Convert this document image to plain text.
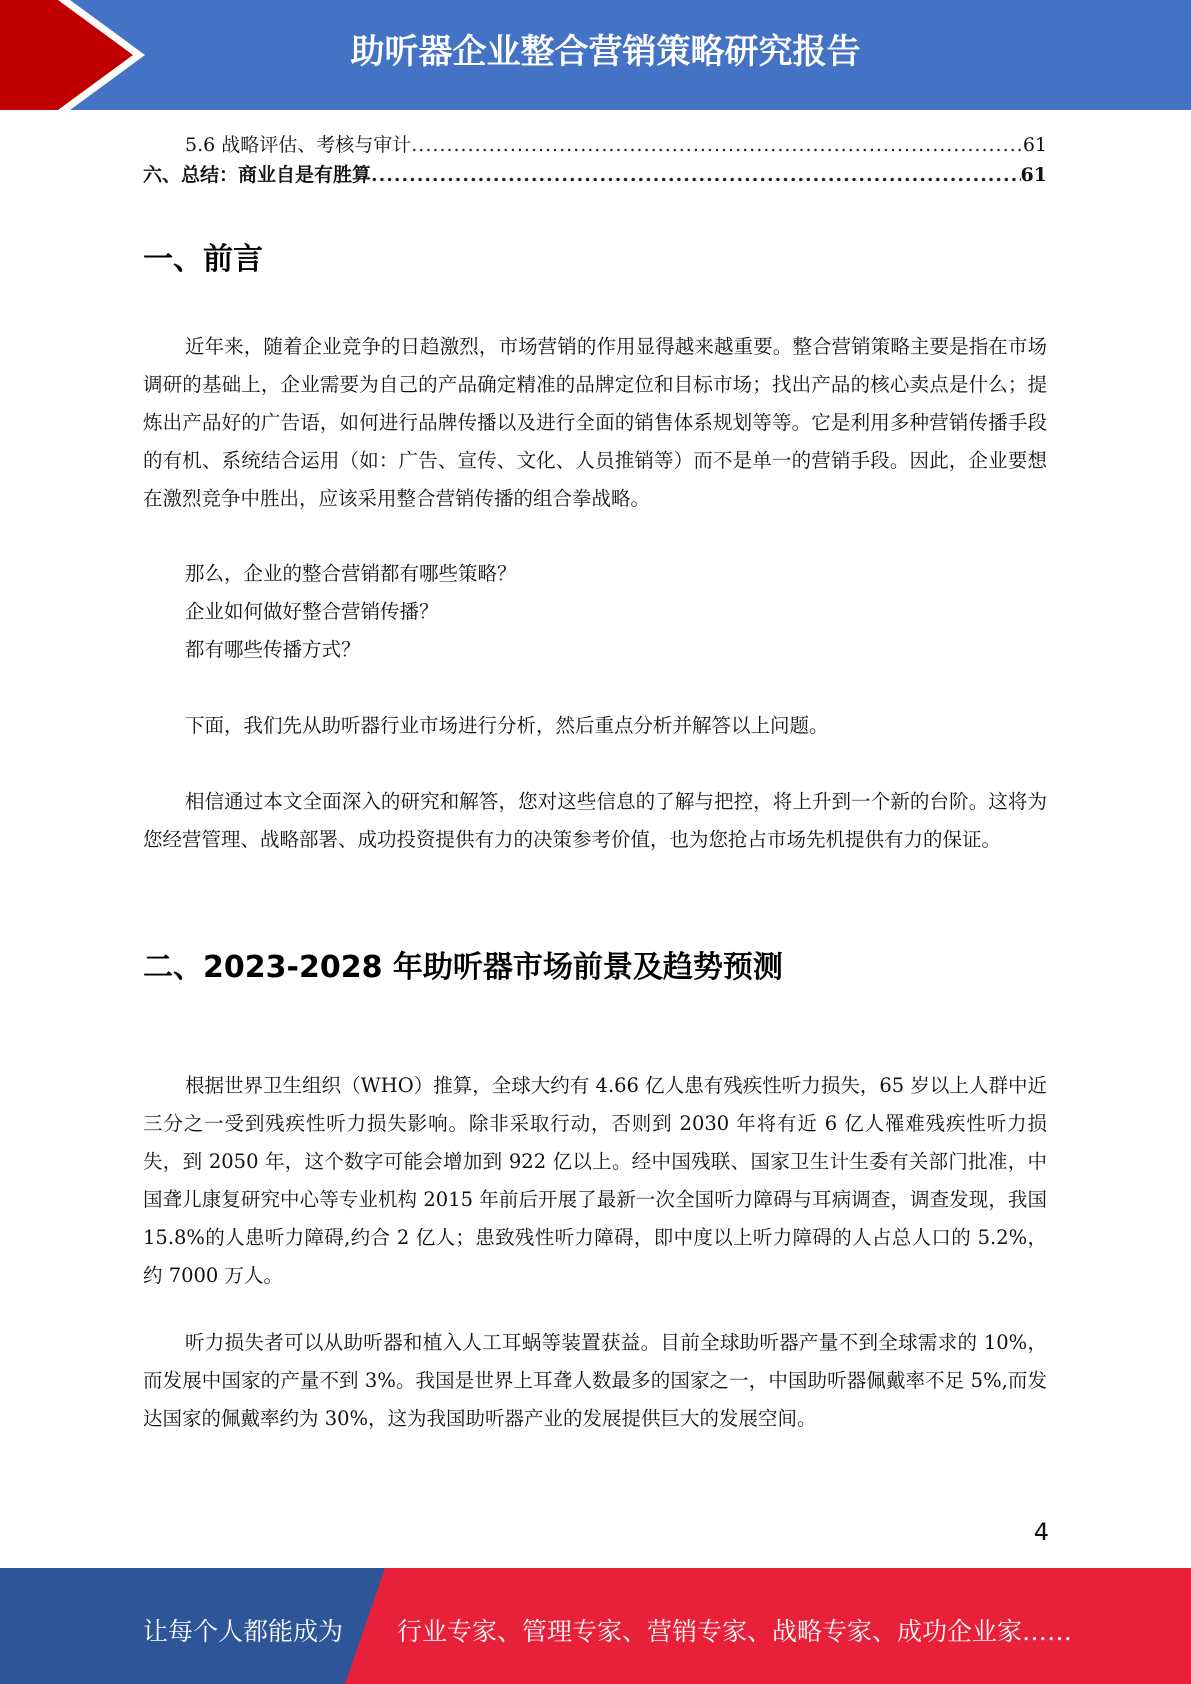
助听器企业整合营销策略研究报告
5.6 战略评估、考核与审计 .....	61
六、总结：商业自是有胜算 .....	61
一、前言
近年来，随着企业竞争的日趋激烈，市场营销的作用显得越来越重要。整合营销策略主要是指在市场调研的基础上，企业需要为自己的产品确定精准的品牌定位和目标市场；找出产品的核心卖点是什么；提炼出产品好的广告语，如何进行品牌传播以及进行全面的销售体系规划等等。它是利用多种营销传播手段的有机、系统结合运用（如：广告、宣传、文化、人员推销等）而不是单一的营销手段。因此，企业要想在激烈竞争中胜出，应该采用整合营销传播的组合拳战略。
那么，企业的整合营销都有哪些策略？
企业如何做好整合营销传播？
都有哪些传播方式？
下面，我们先从助听器行业市场进行分析，然后重点分析并解答以上问题。
相信通过本文全面深入的研究和解答，您对这些信息的了解与把控，将上升到一个新的台阶。这将为您经营管理、战略部署、成功投资提供有力的决策参考价值，也为您抢占市场先机提供有力的保证。
二、2023-2028 年助听器市场前景及趋势预测
根据世界卫生组织（WHO）推算，全球大约有 4.66 亿人患有残疾性听力损失，65 岁以上人群中近三分之一受到残疾性听力损失影响。除非采取行动，否则到 2030 年将有近 6 亿人罹难残疾性听力损失，到 2050 年，这个数字可能会增加到 922 亿以上。经中国残联、国家卫生计生委有关部门批准，中国聋儿康复研究中心等专业机构 2015 年前后开展了最新一次全国听力障碍与耳病调查，调查发现，我国 15.8%的人患听力障碍,约合 2 亿人；患致残性听力障碍，即中度以上听力障碍的人占总人口的 5.2%，约 7000 万人。
听力损失者可以从助听器和植入人工耳蜗等装置获益。目前全球助听器产量不到全球需求的 10%，而发展中国家的产量不到 3%。我国是世界上耳聋人数最多的国家之一，中国助听器佩戴率不足 5%,而发达国家的佩戴率约为 30%，这为我国助听器产业的发展提供巨大的发展空间。
4
让每个人都能成为 行业专家、管理专家、营销专家、战略专家、成功企业家……
